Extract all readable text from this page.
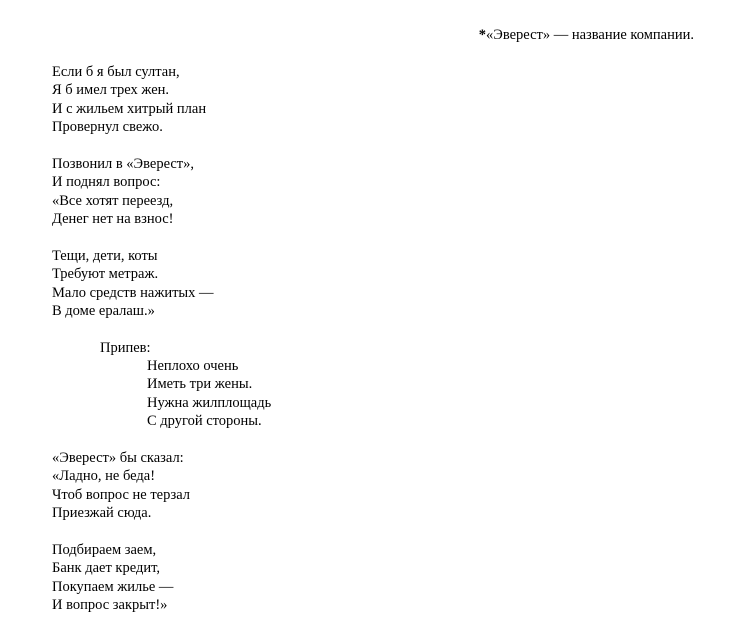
*«Эверест» — название компании.
Если б я был султан,
Я б имел трех жен.
И с жильем хитрый план
Провернул свежо.
Позвонил в «Эверест»,
И поднял вопрос:
«Все хотят переезд,
Денег нет на взнос!
Тещи, дети, коты
Требуют метраж.
Мало средств нажитых —
В доме ералаш.»
Припев:
Неплохо очень
Иметь три жены.
Нужна жилплощадь
С другой стороны.
«Эверест» бы сказал:
«Ладно, не беда!
Чтоб вопрос не терзал
Приезжай сюда.
Подбираем заем,
Банк дает кредит,
Покупаем жилье —
И вопрос закрыт!»
